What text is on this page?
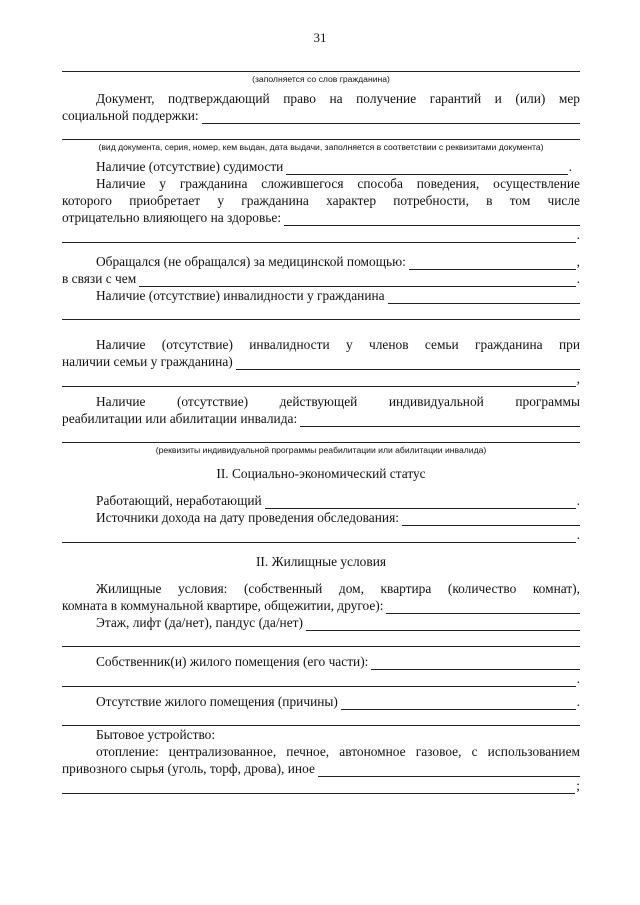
31
(заполняется со слов гражданина)
Документ, подтверждающий право на получение гарантий и (или) мер
социальной поддержки:
(вид документа, серия, номер, кем выдан, дата выдачи, заполняется в соответствии с реквизитами документа)
Наличие (отсутствие) судимости	.
Наличие у гражданина сложившегося способа поведения, осуществление
которого приобретает у гражданина характер потребности, в том числе
отрицательно влияющего на здоровье:
.
Обращался (не обращался) за медицинской помощью:	,
в связи с чем	.
Наличие (отсутствие) инвалидности у гражданина
Наличие (отсутствие) инвалидности у членов семьи гражданина при
наличии семьи у гражданина)
,
Наличие (отсутствие) действующей индивидуальной программы
реабилитации или абилитации инвалида:
(реквизиты индивидуальной программы реабилитации или абилитации инвалида)
II. Социально-экономический статус
Работающий, неработающий	.
Источники дохода на дату проведения обследования:
.
II. Жилищные условия
Жилищные условия: (собственный дом, квартира (количество комнат),
комната в коммунальной квартире, общежитии, другое):
Этаж, лифт (да/нет), пандус (да/нет)
Собственник(и) жилого помещения (его части):
.
Отсутствие жилого помещения (причины)	.
Бытовое устройство:
отопление: централизованное, печное, автономное газовое, с использованием
привозного сырья (уголь, торф, дрова), иное
;
